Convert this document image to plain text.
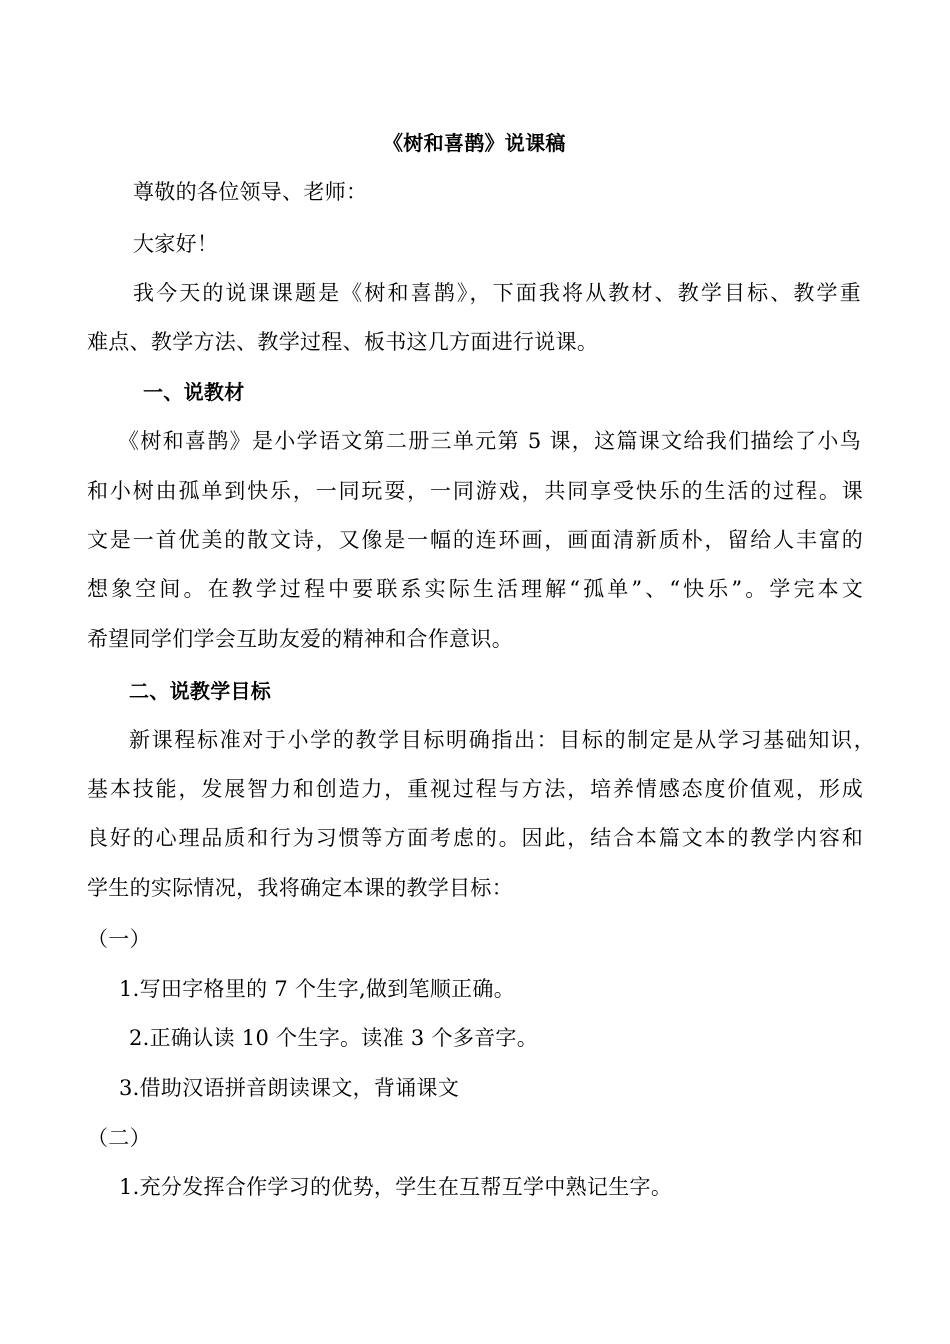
《树和喜鹊》说课稿
尊敬的各位领导、老师：
大家好！
我今天的说课课题是《树和喜鹊》，下面我将从教材、教学目标、教学重
难点、教学方法、教学过程、板书这几方面进行说课。
一、说教材
《树和喜鹊》是小学语文第二册三单元第 5 课，这篇课文给我们描绘了小鸟
和小树由孤单到快乐，一同玩耍，一同游戏，共同享受快乐的生活的过程。课
文是一首优美的散文诗，又像是一幅的连环画，画面清新质朴，留给人丰富的
想象空间。在教学过程中要联系实际生活理解“孤单”、“快乐”。学完本文
希望同学们学会互助友爱的精神和合作意识。
二、说教学目标
新课程标准对于小学的教学目标明确指出：目标的制定是从学习基础知识，
基本技能，发展智力和创造力，重视过程与方法，培养情感态度价值观，形成
良好的心理品质和行为习惯等方面考虑的。因此，结合本篇文本的教学内容和
学生的实际情况，我将确定本课的教学目标：
（一）
1.写田字格里的 7 个生字,做到笔顺正确。
2.正确认读 10 个生字。读准 3 个多音字。
3.借助汉语拼音朗读课文，背诵课文
（二）
1.充分发挥合作学习的优势，学生在互帮互学中熟记生字。
